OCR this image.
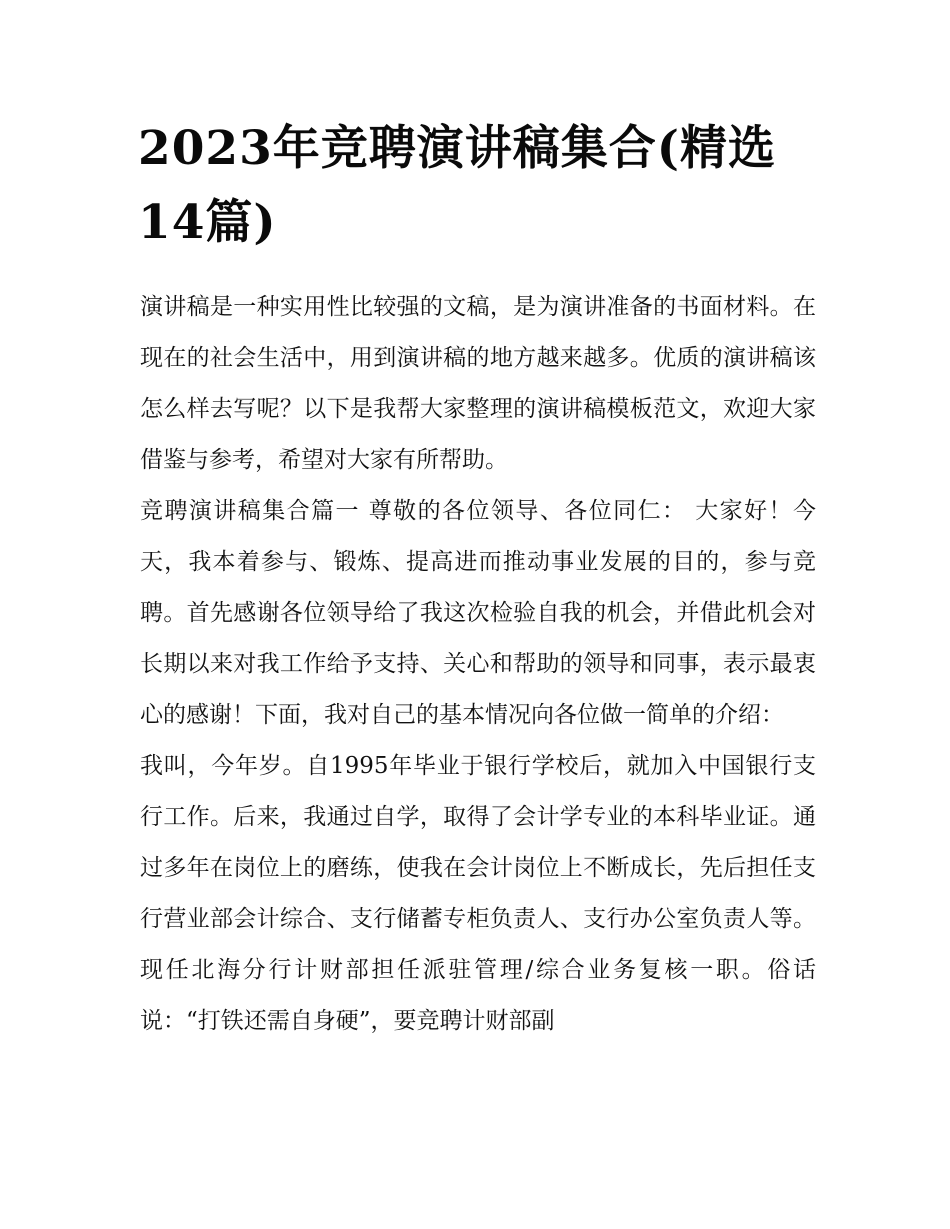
2023年竞聘演讲稿集合(精选14篇)

演讲稿是一种实用性比较强的文稿，是为演讲准备的书面材料。在现在的社会生活中，用到演讲稿的地方越来越多。优质的演讲稿该怎么样去写呢？以下是我帮大家整理的演讲稿模板范文，欢迎大家借鉴与参考，希望对大家有所帮助。

竞聘演讲稿集合篇一 尊敬的各位领导、各位同仁： 大家好！今天，我本着参与、锻炼、提高进而推动事业发展的目的，参与竞聘。首先感谢各位领导给了我这次检验自我的机会，并借此机会对长期以来对我工作给予支持、关心和帮助的领导和同事，表示最衷心的感谢！下面，我对自己的基本情况向各位做一简单的介绍：

我叫，今年岁。自1995年毕业于银行学校后，就加入中国银行支行工作。后来，我通过自学，取得了会计学专业的本科毕业证。通过多年在岗位上的磨练，使我在会计岗位上不断成长，先后担任支行营业部会计综合、支行储蓄专柜负责人、支行办公室负责人等。现任北海分行计财部担任派驻管理/综合业务复核一职。俗话说：“打铁还需自身硬”，要竞聘计财部副
